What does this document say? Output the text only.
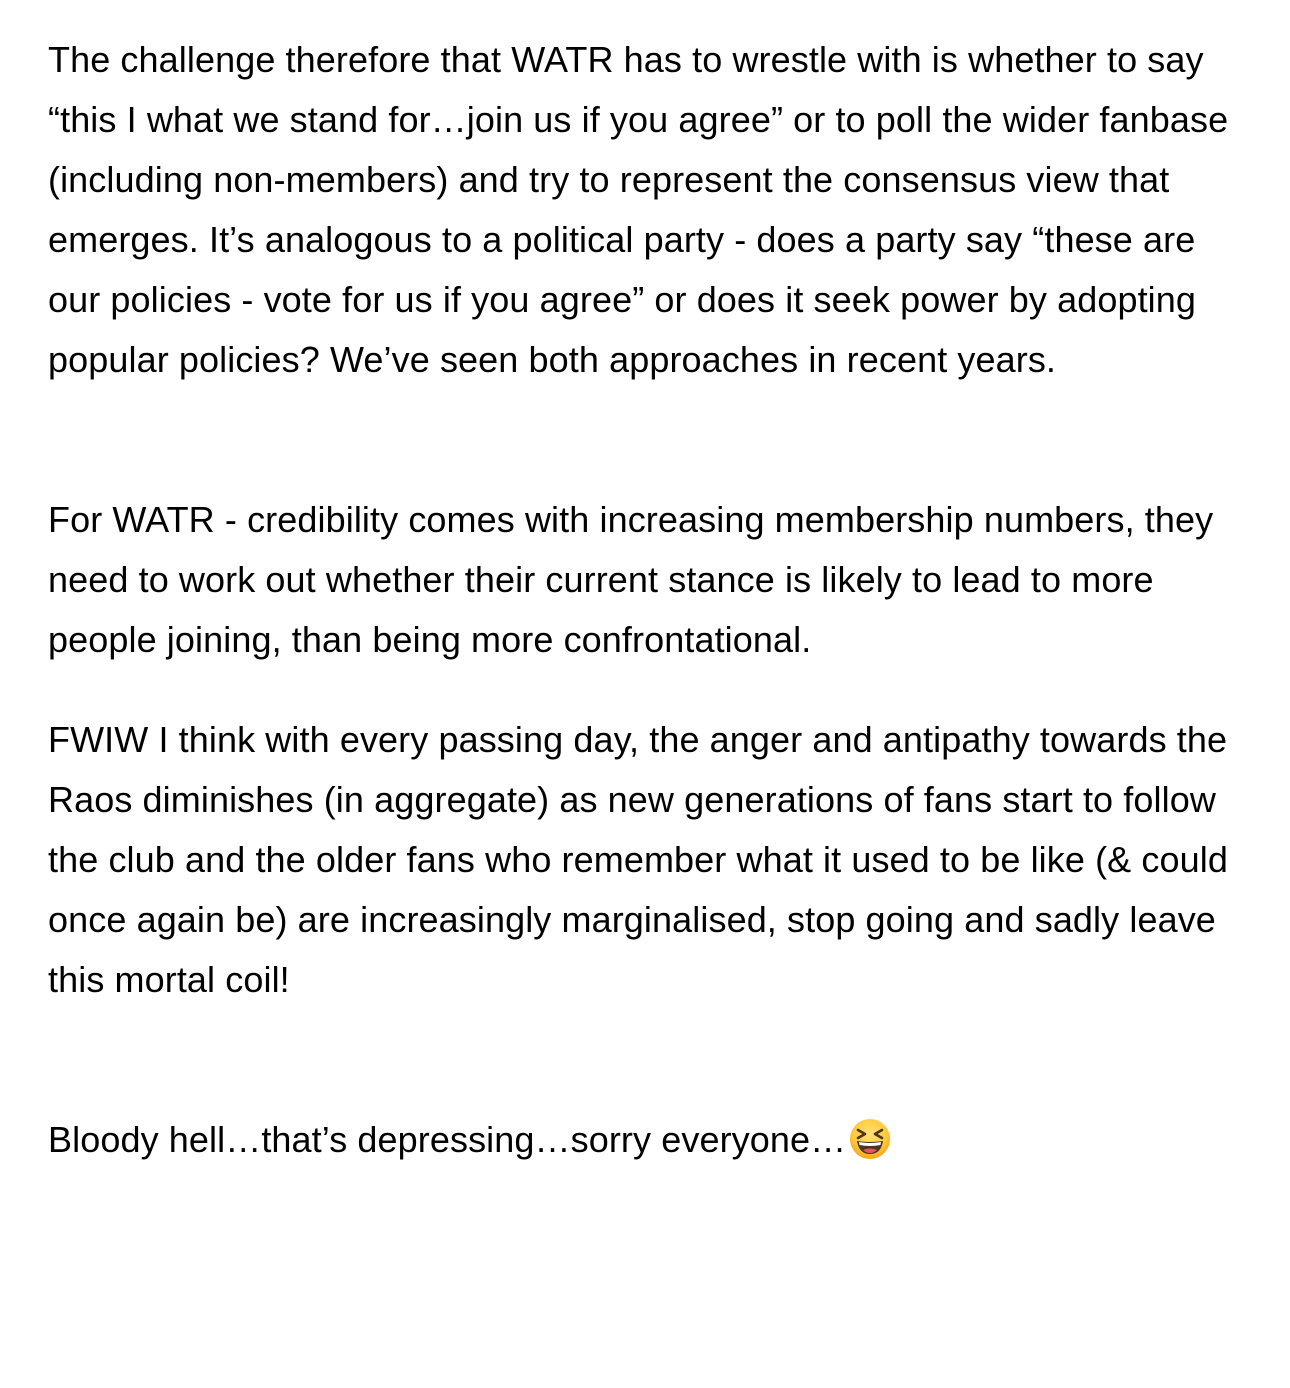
The challenge therefore that WATR has to wrestle with is whether to say “this I what we stand for…join us if you agree” or to poll the wider fanbase (including non-members) and try to represent the consensus view that emerges. It’s analogous to a political party - does a party say “these are our policies - vote for us if you agree” or does it seek power by adopting popular policies? We’ve seen both approaches in recent years.

For WATR - credibility comes with increasing membership numbers, they need to work out whether their current stance is likely to lead to more people joining, than being more confrontational.

FWIW I think with every passing day, the anger and antipathy towards the Raos diminishes (in aggregate) as new generations of fans start to follow the club and the older fans who remember what it used to be like (& could once again be) are increasingly marginalised, stop going and sadly leave this mortal coil!

Bloody hell…that’s depressing…sorry everyone…
